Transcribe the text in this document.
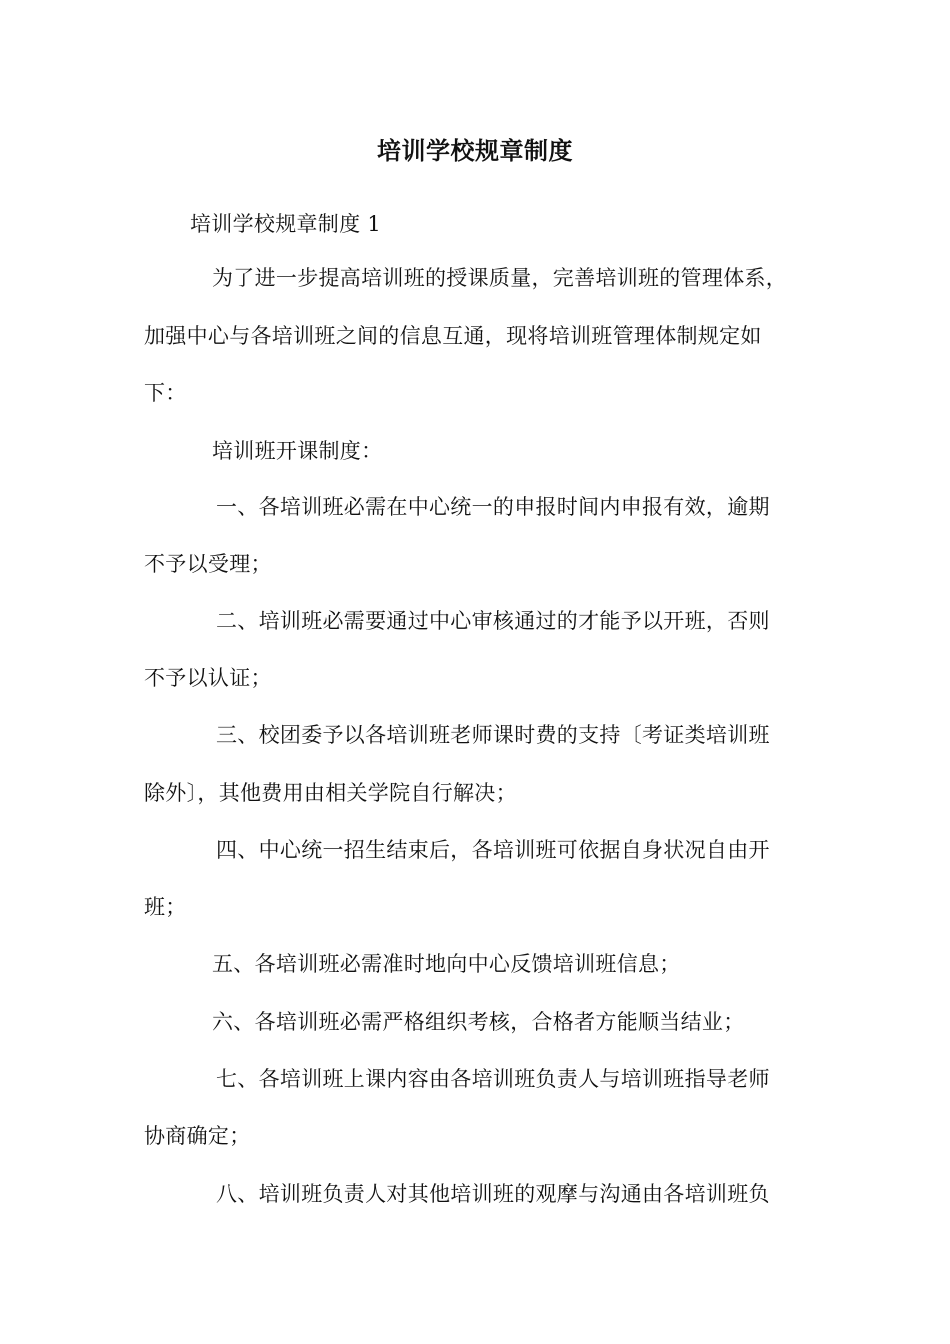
培训学校规章制度
培训学校规章制度 1
为了进一步提高培训班的授课质量，完善培训班的管理体系，
加强中心与各培训班之间的信息互通，现将培训班管理体制规定如
下：
培训班开课制度：
一、各培训班必需在中心统一的申报时间内申报有效，逾期
不予以受理；
二、培训班必需要通过中心审核通过的才能予以开班，否则
不予以认证；
三、校团委予以各培训班老师课时费的支持〔考证类培训班
除外〕，其他费用由相关学院自行解决；
四、中心统一招生结束后，各培训班可依据自身状况自由开
班；
五、各培训班必需准时地向中心反馈培训班信息；
六、各培训班必需严格组织考核，合格者方能顺当结业；
七、各培训班上课内容由各培训班负责人与培训班指导老师
协商确定；
八、培训班负责人对其他培训班的观摩与沟通由各培训班负
